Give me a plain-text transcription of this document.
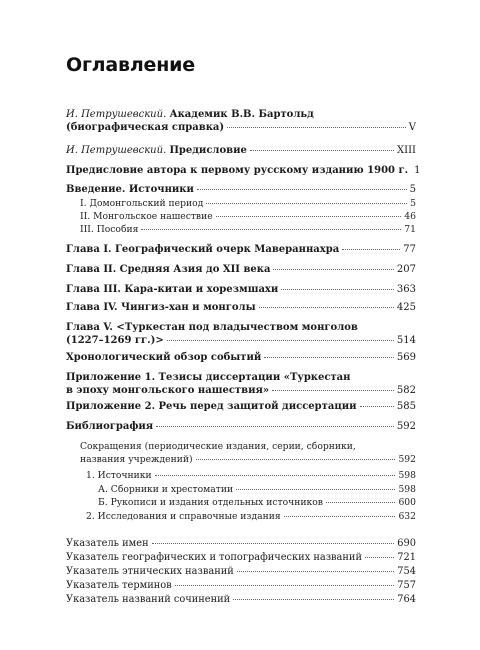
Оглавление
И. Петрушевский. Академик В.В. Бартольд
(биографическая справка)	V
И. Петрушевский. Предисловие	XIII
Предисловие автора к первому русскому изданию 1900 г. 1
Введение. Источники	5
I. Домонгольский период	5
II. Монгольское нашествие	46
III. Пособия	71
Глава I. Географический очерк Мавераннахра	77
Глава II. Средняя Азия до XII века	207
Глава III. Кара-китаи и хорезмшахи	363
Глава IV. Чингиз-хан и монголы	425
Глава V. <Туркестан под владычеством монголов
(1227–1269 гг.)>	514
Хронологический обзор событий	569
Приложение 1. Тезисы диссертации «Туркестан
в эпоху монгольского нашествия»	582
Приложение 2. Речь перед защитой диссертации	585
Библиография	592
Сокращения (периодические издания, серии, сборники,
названия учреждений)	592
1. Источники	598
А. Сборники и хрестоматии	598
Б. Рукописи и издания отдельных источников	600
2. Исследования и справочные издания	632
Указатель имен	690
Указатель географических и топографических названий	721
Указатель этнических названий	754
Указатель терминов	757
Указатель названий сочинений	764
